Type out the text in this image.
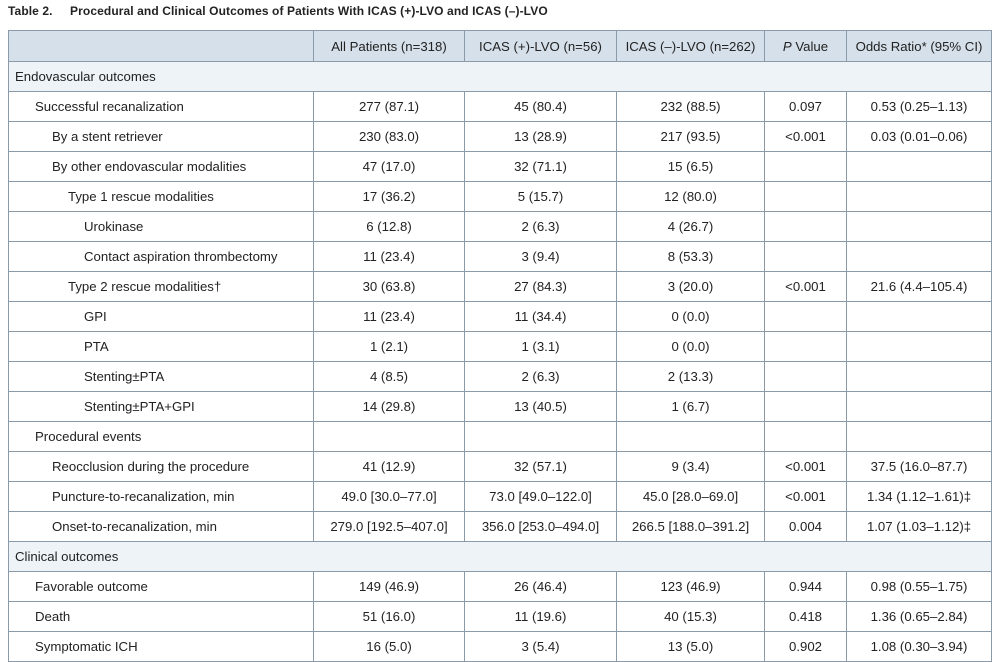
Table 2. Procedural and Clinical Outcomes of Patients With ICAS (+)-LVO and ICAS (–)-LVO
	All Patients (n=318)	ICAS (+)-LVO (n=56)	ICAS (–)-LVO (n=262)	P Value	Odds Ratio* (95% CI)
Endovascular outcomes					
Successful recanalization	277 (87.1)	45 (80.4)	232 (88.5)	0.097	0.53 (0.25–1.13)
By a stent retriever	230 (83.0)	13 (28.9)	217 (93.5)	<0.001	0.03 (0.01–0.06)
By other endovascular modalities	47 (17.0)	32 (71.1)	15 (6.5)		
Type 1 rescue modalities	17 (36.2)	5 (15.7)	12 (80.0)		
Urokinase	6 (12.8)	2 (6.3)	4 (26.7)		
Contact aspiration thrombectomy	11 (23.4)	3 (9.4)	8 (53.3)		
Type 2 rescue modalities†	30 (63.8)	27 (84.3)	3 (20.0)	<0.001	21.6 (4.4–105.4)
GPI	11 (23.4)	11 (34.4)	0 (0.0)		
PTA	1 (2.1)	1 (3.1)	0 (0.0)		
Stenting±PTA	4 (8.5)	2 (6.3)	2 (13.3)		
Stenting±PTA+GPI	14 (29.8)	13 (40.5)	1 (6.7)		
Procedural events					
Reocclusion during the procedure	41 (12.9)	32 (57.1)	9 (3.4)	<0.001	37.5 (16.0–87.7)
Puncture-to-recanalization, min	49.0 [30.0–77.0]	73.0 [49.0–122.0]	45.0 [28.0–69.0]	<0.001	1.34 (1.12–1.61)‡
Onset-to-recanalization, min	279.0 [192.5–407.0]	356.0 [253.0–494.0]	266.5 [188.0–391.2]	0.004	1.07 (1.03–1.12)‡
Clinical outcomes					
Favorable outcome	149 (46.9)	26 (46.4)	123 (46.9)	0.944	0.98 (0.55–1.75)
Death	51 (16.0)	11 (19.6)	40 (15.3)	0.418	1.36 (0.65–2.84)
Symptomatic ICH	16 (5.0)	3 (5.4)	13 (5.0)	0.902	1.08 (0.30–3.94)
